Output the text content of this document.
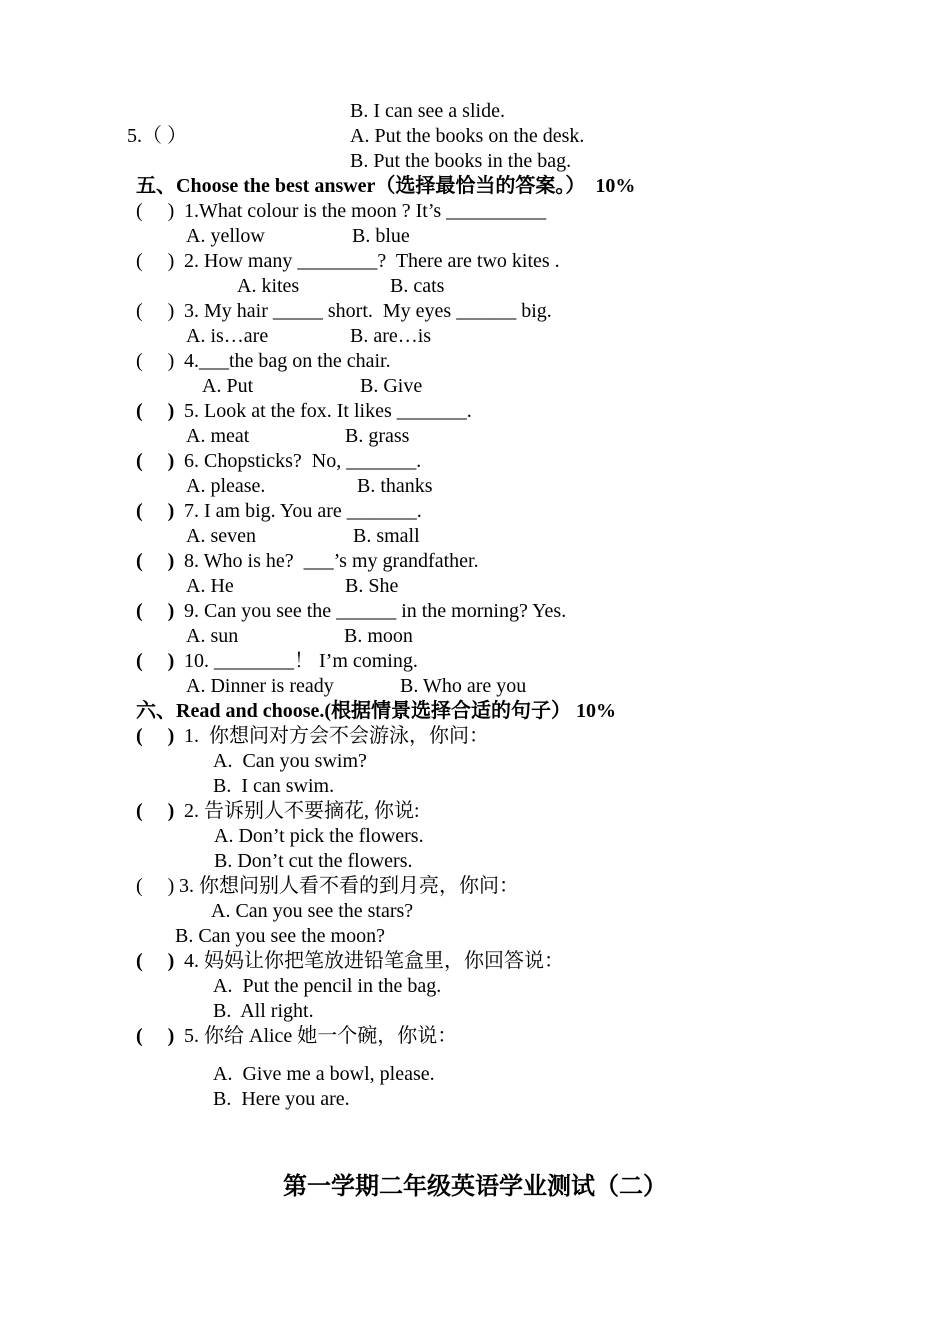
B. I can see a slide.
5.（ ）	A. Put the books on the desk.
B. Put the books in the bag.
五、Choose the best answer（选择最恰当的答案。）  10%
(     ) 1.What colour is the moon ? It’s __________
A. yellow	B. blue
(     ) 2. How many ________?  There are two kites .
A. kites	B. cats
(     ) 3. My hair _____ short.  My eyes ______ big.
A. is…are	B. are…is
(     ) 4.___the bag on the chair.
A. Put	B. Give
(     ) 5. Look at the fox. It likes _______.
A. meat	B. grass
(     ) 6. Chopsticks?  No, _______.
A. please.	B. thanks
(     ) 7. I am big. You are _______.
A. seven	B. small
(     ) 8. Who is he?  ___’s my grandfather.
A. He	B. She
(     ) 9. Can you see the ______ in the morning? Yes.
A. sun	B. moon
(     ) 10. ________！ I’m coming.
A. Dinner is ready	B. Who are you
六、Read and choose.(根据情景选择合适的句子） 10%
(     ) 1.  你想问对方会不会游泳，你问：
A.  Can you swim?
B.  I can swim.
(     ) 2. 告诉别人不要摘花, 你说:
A. Don’t pick the flowers.
B. Don’t cut the flowers.
(     ) 3. 你想问别人看不看的到月亮，你问：
A. Can you see the stars?
B. Can you see the moon?
(     ) 4. 妈妈让你把笔放进铅笔盒里，你回答说：
A.  Put the pencil in the bag.
B.  All right.
(     ) 5. 你给 Alice 她一个碗，你说：
A.  Give me a bowl, please.
B.  Here you are.
第一学期二年级英语学业测试（二）
